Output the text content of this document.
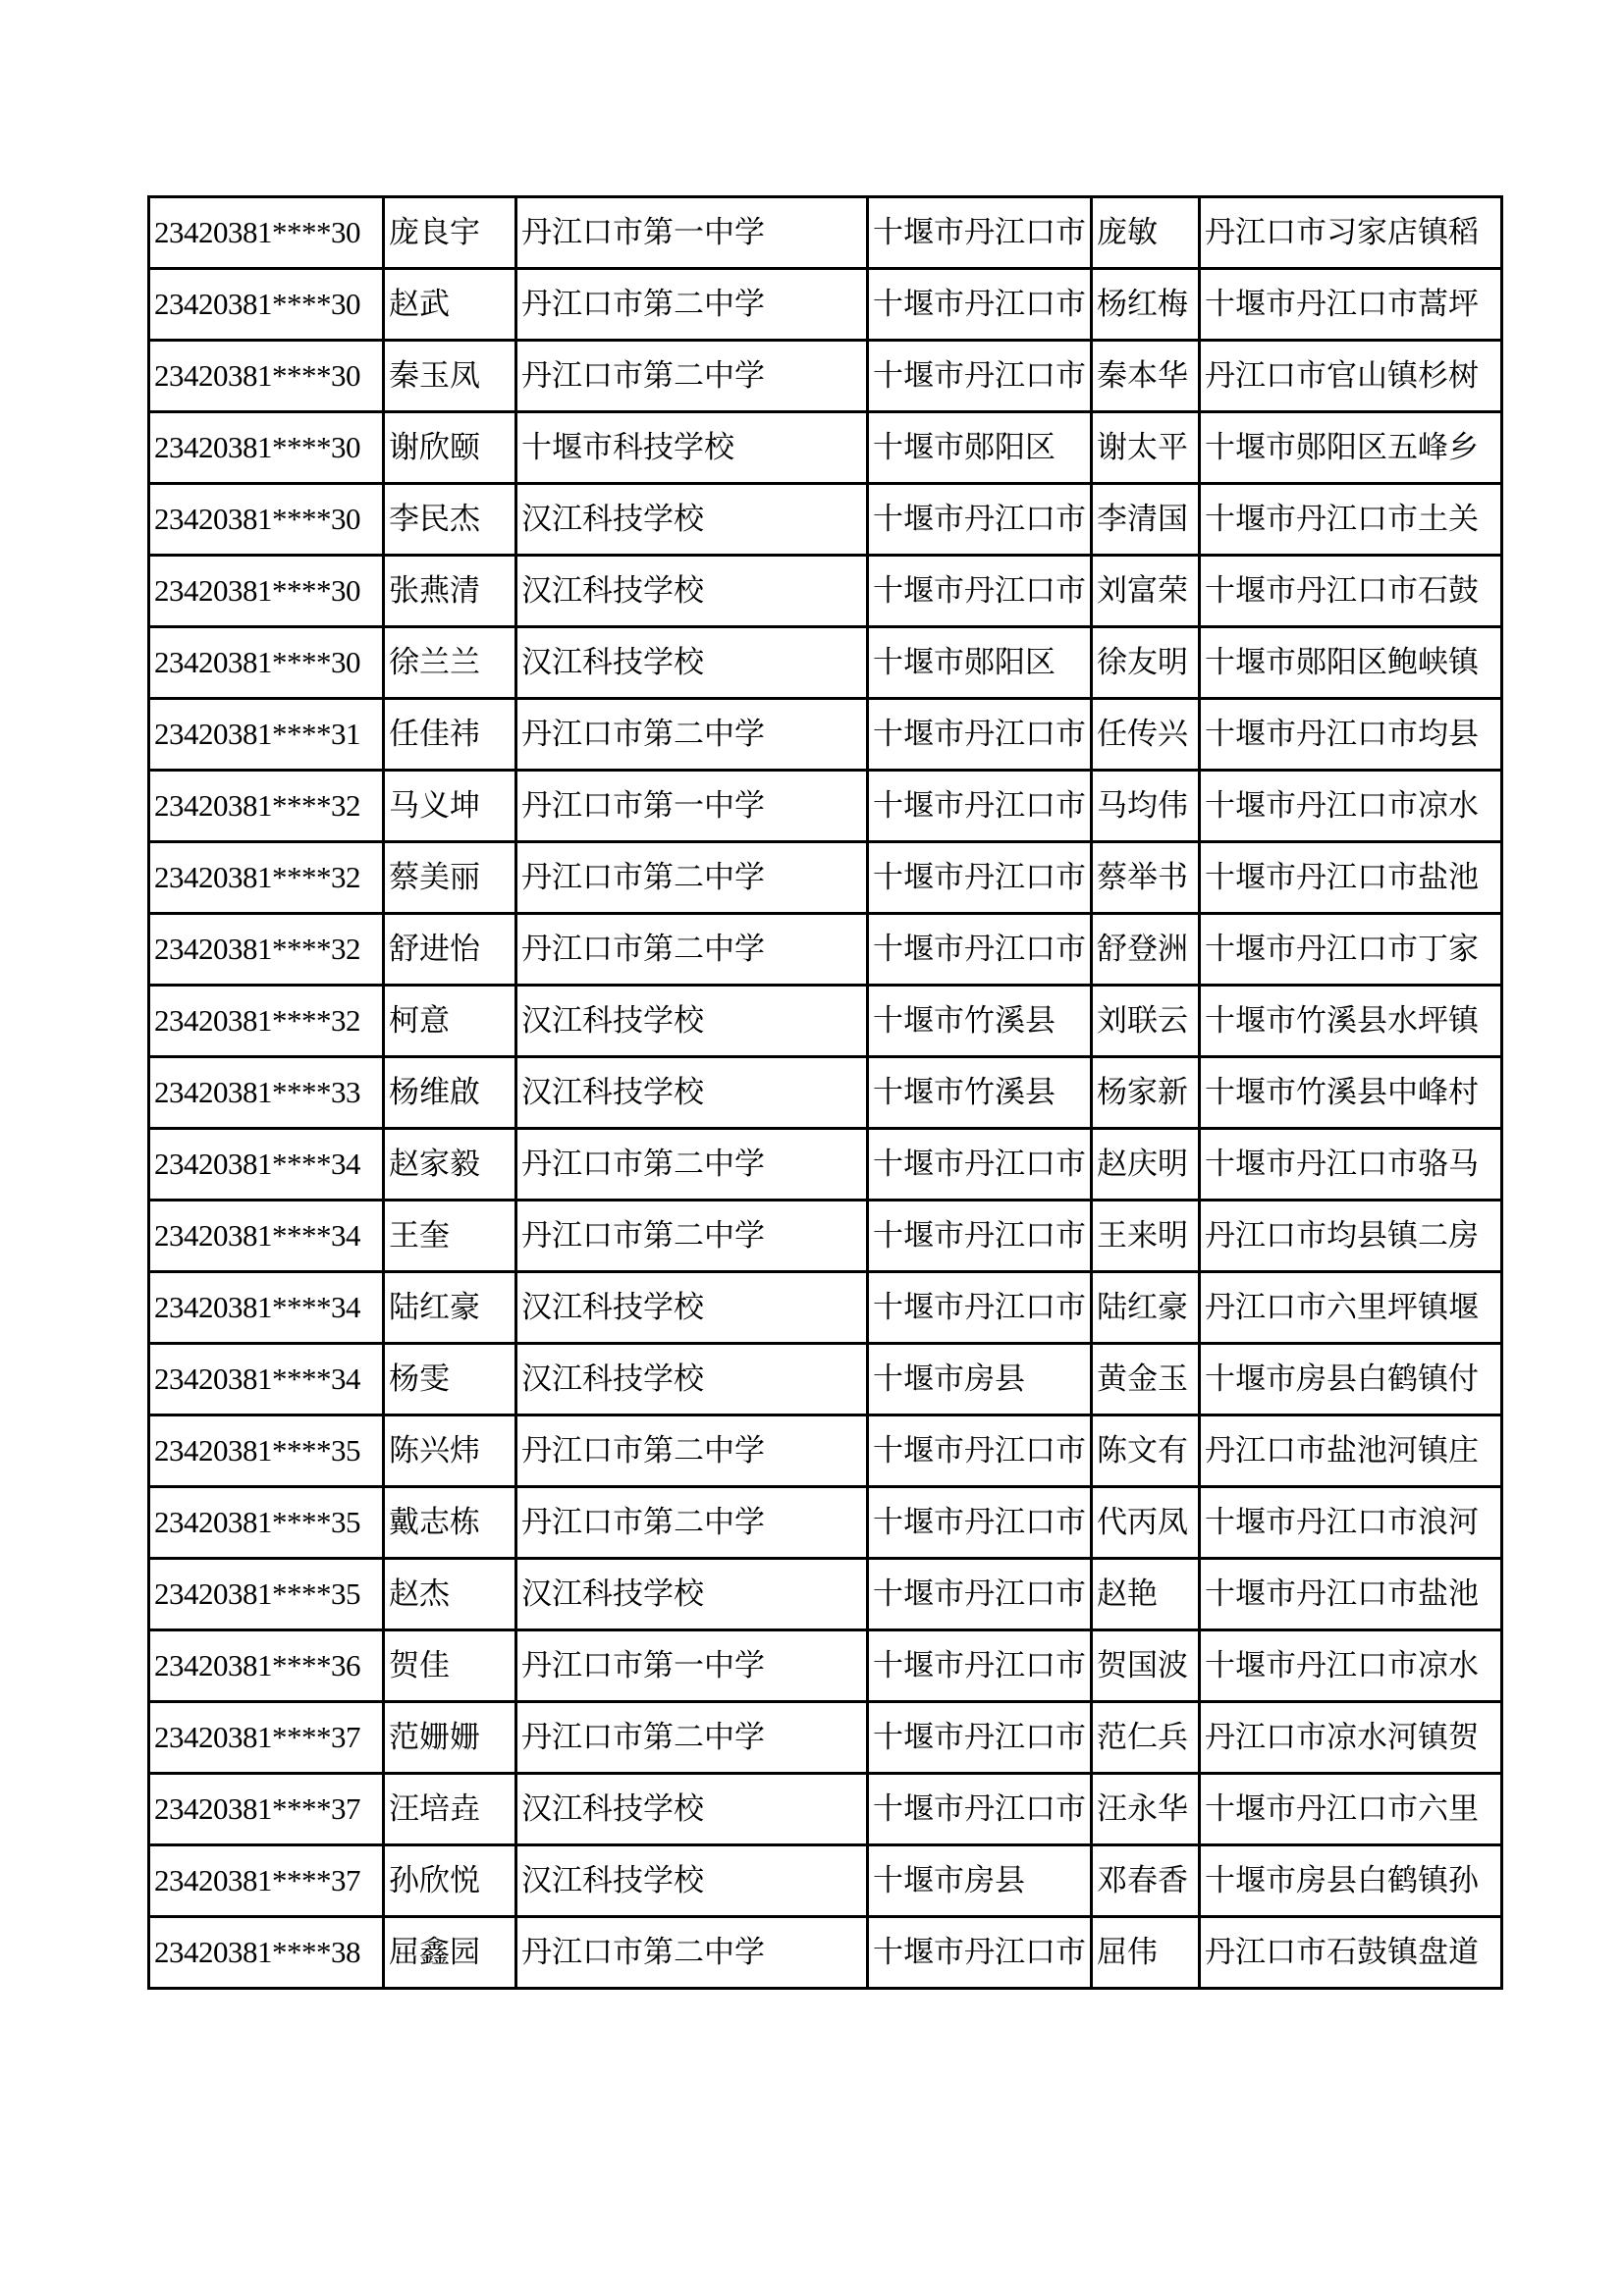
23420381****30	庞良宇	丹江口市第一中学	十堰市丹江口市	庞敏	丹江口市习家店镇稻
23420381****30	赵武	丹江口市第二中学	十堰市丹江口市	杨红梅	十堰市丹江口市蒿坪
23420381****30	秦玉凤	丹江口市第二中学	十堰市丹江口市	秦本华	丹江口市官山镇杉树
23420381****30	谢欣颐	十堰市科技学校	十堰市郧阳区	谢太平	十堰市郧阳区五峰乡
23420381****30	李民杰	汉江科技学校	十堰市丹江口市	李清国	十堰市丹江口市土关
23420381****30	张燕清	汉江科技学校	十堰市丹江口市	刘富荣	十堰市丹江口市石鼓
23420381****30	徐兰兰	汉江科技学校	十堰市郧阳区	徐友明	十堰市郧阳区鲍峡镇
23420381****31	任佳祎	丹江口市第二中学	十堰市丹江口市	任传兴	十堰市丹江口市均县
23420381****32	马义坤	丹江口市第一中学	十堰市丹江口市	马均伟	十堰市丹江口市凉水
23420381****32	蔡美丽	丹江口市第二中学	十堰市丹江口市	蔡举书	十堰市丹江口市盐池
23420381****32	舒进怡	丹江口市第二中学	十堰市丹江口市	舒登洲	十堰市丹江口市丁家
23420381****32	柯意	汉江科技学校	十堰市竹溪县	刘联云	十堰市竹溪县水坪镇
23420381****33	杨维啟	汉江科技学校	十堰市竹溪县	杨家新	十堰市竹溪县中峰村
23420381****34	赵家毅	丹江口市第二中学	十堰市丹江口市	赵庆明	十堰市丹江口市骆马
23420381****34	王奎	丹江口市第二中学	十堰市丹江口市	王来明	丹江口市均县镇二房
23420381****34	陆红豪	汉江科技学校	十堰市丹江口市	陆红豪	丹江口市六里坪镇堰
23420381****34	杨雯	汉江科技学校	十堰市房县	黄金玉	十堰市房县白鹤镇付
23420381****35	陈兴炜	丹江口市第二中学	十堰市丹江口市	陈文有	丹江口市盐池河镇庄
23420381****35	戴志栋	丹江口市第二中学	十堰市丹江口市	代丙凤	十堰市丹江口市浪河
23420381****35	赵杰	汉江科技学校	十堰市丹江口市	赵艳	十堰市丹江口市盐池
23420381****36	贺佳	丹江口市第一中学	十堰市丹江口市	贺国波	十堰市丹江口市凉水
23420381****37	范姗姗	丹江口市第二中学	十堰市丹江口市	范仁兵	丹江口市凉水河镇贺
23420381****37	汪培垚	汉江科技学校	十堰市丹江口市	汪永华	十堰市丹江口市六里
23420381****37	孙欣悦	汉江科技学校	十堰市房县	邓春香	十堰市房县白鹤镇孙
23420381****38	屈鑫园	丹江口市第二中学	十堰市丹江口市	屈伟	丹江口市石鼓镇盘道
